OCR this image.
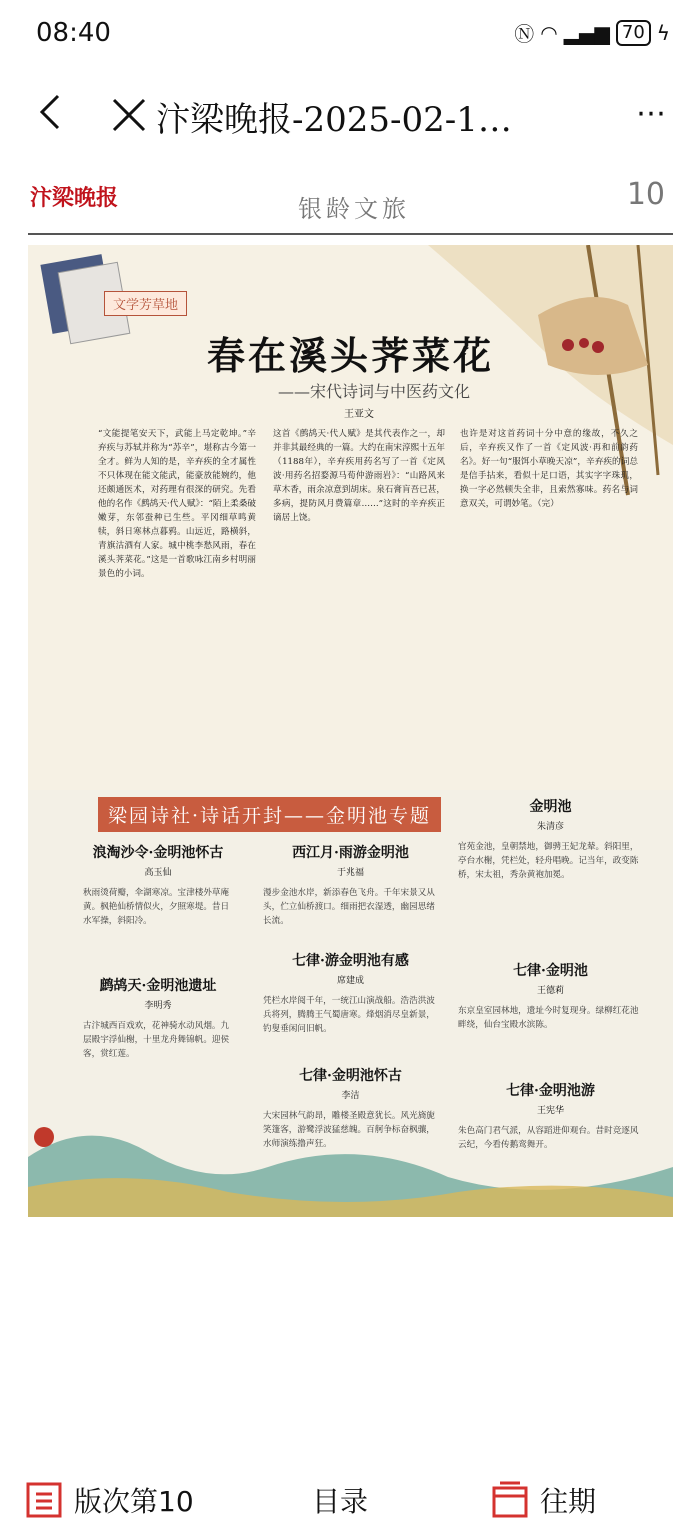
08:40	Ⓝ ◠ ▂▄▆ 70 ϟ
汴梁晚报-2025-02-1…	⋯
汴梁晚报	银龄文旅	10
文学芳草地
春在溪头荠菜花
——宋代诗词与中医药文化
王亚文
“文能提笔安天下，武能上马定乾坤。”辛弃疾与苏轼并称为“苏辛”，堪称古今第一全才。鲜为人知的是，辛弃疾的全才属性不只体现在能文能武，能豪放能婉约，他还颇通医术，对药理有很深的研究。先看他的名作《鹧鸪天·代人赋》：“陌上柔桑破嫩芽，东邻蚕种已生些。平冈细草鸣黄犊，斜日寒林点暮鸦。山远近，路横斜，青旗沽酒有人家。城中桃李愁风雨，春在溪头荠菜花。”这是一首歌咏江南乡村明丽景色的小词。
这首《鹧鸪天·代人赋》是其代表作之一，却并非其最经典的一篇。大约在南宋淳熙十五年（1188年），辛弃疾用药名写了一首《定风波·用药名招婺源马荀仲游雨岩》：“山路风来草木香，雨余凉意到胡床。泉石膏肓吾已甚，多病，提防风月费篇章……”这时的辛弃疾正谪居上饶。
也许是对这首药词十分中意的缘故，不久之后，辛弃疾又作了一首《定风波·再和前韵药名》。好一句“服饵小草晚天凉”，辛弃疾的词总是信手拈来，看似十足口语，其实字字珠玑，换一字必然顿失全非，且索然寡味。药名与词意双关，可谓妙笔。（完）
梁园诗社·诗话开封——金明池专题
浪淘沙令·金明池怀古
高玉仙
秋雨烫荷瓣，伞湖寒凉。宝津楼外草庵黄。枫艳仙桥情似火，夕照寒堤。昔日水军操，斜阳冷。
鹧鸪天·金明池遗址
李明秀
古汴城西百戏欢，花神骑水动风烟。九层殿宇浮仙榭，十里龙舟舞锦帆。迎侯客，赏红莲。
西江月·雨游金明池
于兆福
漫步金池水岸，新添春色飞舟。千年宋景又从头，伫立仙桥渡口。细雨把衣湿透，幽园思绪长流。
七律·游金明池有感
席建成
凭栏水岸阅千年，一统江山演战船。浩浩洪波兵将列，腾腾王气蜀唐寒。烽烟消尽皇新景，钓叟垂闲问旧帆。
七律·金明池怀古
李洁
大宋园林气韵昂，雕楼圣殿意犹长。风光旖旎笑篷客，游鹭浮波猛慈魄。百舸争标奋枫骧，水师演练撸声狂。
金明池
朱清彦
官苑金池，皇朝禁地，御骋王妃龙辇。斜阳里，亭台水榭，凭栏处，轻舟唱晚。记当年，政变陈桥，宋太祖，秀杂黄袍加冕。
七律·金明池
王德莉
东京皇室园林地，遗址今时复现身。绿柳红花池畔绕，仙台宝殿水滨陈。
七律·金明池游
王宪华
朱色高门君气派，从容蹈进仰观台。昔时竞逐风云纪，今看传鹅鸾舞开。
版次第10	目录	往期
